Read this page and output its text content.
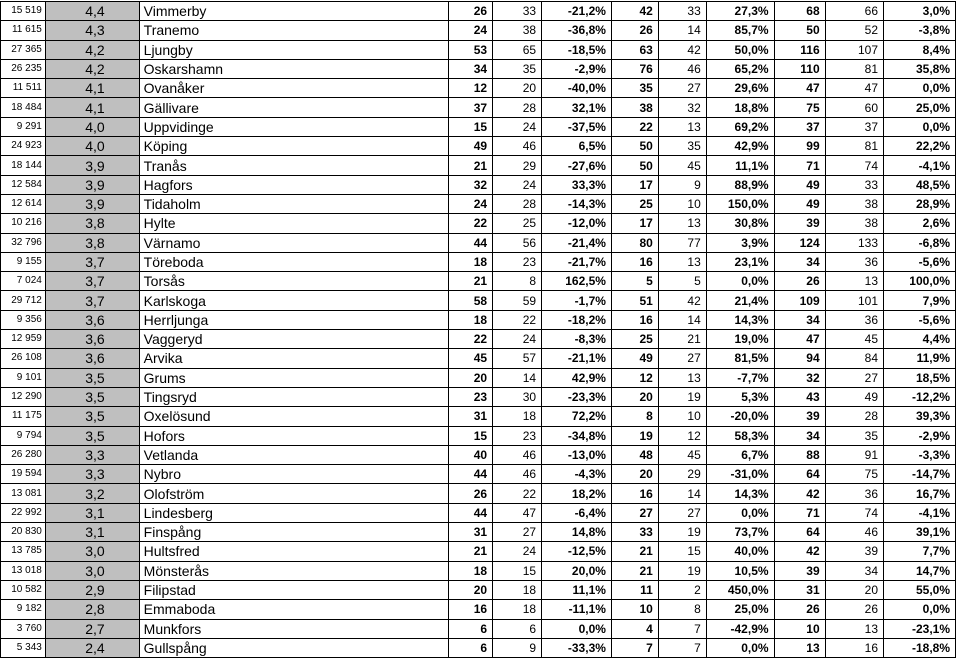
15 519	4,4	Vimmerby	26	33	-21,2%	42	33	27,3%	68	66	3,0%
11 615	4,3	Tranemo	24	38	-36,8%	26	14	85,7%	50	52	-3,8%
27 365	4,2	Ljungby	53	65	-18,5%	63	42	50,0%	116	107	8,4%
26 235	4,2	Oskarshamn	34	35	-2,9%	76	46	65,2%	110	81	35,8%
11 511	4,1	Ovanåker	12	20	-40,0%	35	27	29,6%	47	47	0,0%
18 484	4,1	Gällivare	37	28	32,1%	38	32	18,8%	75	60	25,0%
9 291	4,0	Uppvidinge	15	24	-37,5%	22	13	69,2%	37	37	0,0%
24 923	4,0	Köping	49	46	6,5%	50	35	42,9%	99	81	22,2%
18 144	3,9	Tranås	21	29	-27,6%	50	45	11,1%	71	74	-4,1%
12 584	3,9	Hagfors	32	24	33,3%	17	9	88,9%	49	33	48,5%
12 614	3,9	Tidaholm	24	28	-14,3%	25	10	150,0%	49	38	28,9%
10 216	3,8	Hylte	22	25	-12,0%	17	13	30,8%	39	38	2,6%
32 796	3,8	Värnamo	44	56	-21,4%	80	77	3,9%	124	133	-6,8%
9 155	3,7	Töreboda	18	23	-21,7%	16	13	23,1%	34	36	-5,6%
7 024	3,7	Torsås	21	8	162,5%	5	5	0,0%	26	13	100,0%
29 712	3,7	Karlskoga	58	59	-1,7%	51	42	21,4%	109	101	7,9%
9 356	3,6	Herrljunga	18	22	-18,2%	16	14	14,3%	34	36	-5,6%
12 959	3,6	Vaggeryd	22	24	-8,3%	25	21	19,0%	47	45	4,4%
26 108	3,6	Arvika	45	57	-21,1%	49	27	81,5%	94	84	11,9%
9 101	3,5	Grums	20	14	42,9%	12	13	-7,7%	32	27	18,5%
12 290	3,5	Tingsryd	23	30	-23,3%	20	19	5,3%	43	49	-12,2%
11 175	3,5	Oxelösund	31	18	72,2%	8	10	-20,0%	39	28	39,3%
9 794	3,5	Hofors	15	23	-34,8%	19	12	58,3%	34	35	-2,9%
26 280	3,3	Vetlanda	40	46	-13,0%	48	45	6,7%	88	91	-3,3%
19 594	3,3	Nybro	44	46	-4,3%	20	29	-31,0%	64	75	-14,7%
13 081	3,2	Olofström	26	22	18,2%	16	14	14,3%	42	36	16,7%
22 992	3,1	Lindesberg	44	47	-6,4%	27	27	0,0%	71	74	-4,1%
20 830	3,1	Finspång	31	27	14,8%	33	19	73,7%	64	46	39,1%
13 785	3,0	Hultsfred	21	24	-12,5%	21	15	40,0%	42	39	7,7%
13 018	3,0	Mönsterås	18	15	20,0%	21	19	10,5%	39	34	14,7%
10 582	2,9	Filipstad	20	18	11,1%	11	2	450,0%	31	20	55,0%
9 182	2,8	Emmaboda	16	18	-11,1%	10	8	25,0%	26	26	0,0%
3 760	2,7	Munkfors	6	6	0,0%	4	7	-42,9%	10	13	-23,1%
5 343	2,4	Gullspång	6	9	-33,3%	7	7	0,0%	13	16	-18,8%
